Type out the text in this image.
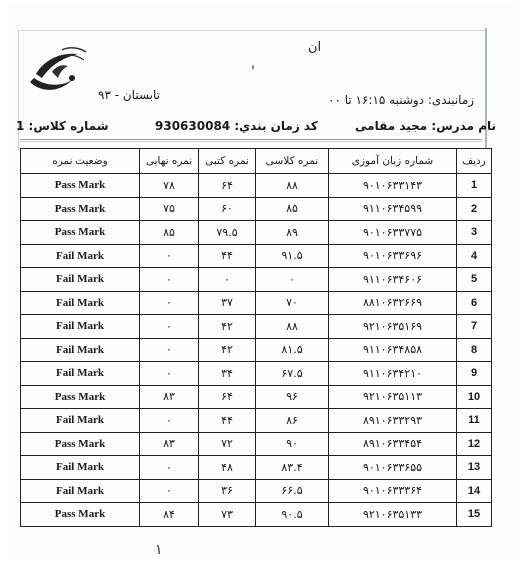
ان
تابستان - ۹۳	زمانبندی: دوشنبه ۱۶:۱۵ تا ۰۰
شماره کلاس: 1	کد زمان بندي: 930630084	نام مدرس: مجید مقامی
ردیف	شماره زبان آموزی	نمره کلاسی	نمره کتبی	نمره نهایی	وضعیت نمره
1	۹۰۱۰۶۳۳۱۴۳	۸۸	۶۴	۷۸	Pass Mark
2	۹۱۱۰۶۳۴۵۹۹	۸۵	۶۰	۷۵	Pass Mark
3	۹۰۱۰۶۳۳۷۷۵	۸۹	۷۹.۵	۸۵	Pass Mark
4	۹۰۱۰۶۳۳۶۹۶	۹۱.۵	۴۴	۰	Fail Mark
5	۹۱۱۰۶۳۴۶۰۶	۰	۰	۰	Fail Mark
6	۸۸۱۰۶۳۲۶۶۹	۷۰	۳۷	۰	Fail Mark
7	۹۲۱۰۶۳۵۱۶۹	۸۸	۴۲	۰	Fail Mark
8	۹۱۱۰۶۳۴۸۵۸	۸۱.۵	۴۲	۰	Fail Mark
9	۹۱۱۰۶۳۴۲۱۰	۶۷.۵	۳۴	۰	Fail Mark
10	۹۲۱۰۶۳۵۱۱۳	۹۶	۶۴	۸۳	Pass Mark
11	۸۹۱۰۶۳۳۲۹۳	۸۶	۴۴	۰	Fail Mark
12	۸۹۱۰۶۳۳۴۵۴	۹۰	۷۲	۸۳	Pass Mark
13	۹۰۱۰۶۳۳۶۵۵	۸۳.۴	۴۸	۰	Fail Mark
14	۹۰۱۰۶۳۳۳۶۴	۶۶.۵	۳۶	۰	Fail Mark
15	۹۲۱۰۶۳۵۱۳۳	۹۰.۵	۷۳	۸۴	Pass Mark
'
۱
